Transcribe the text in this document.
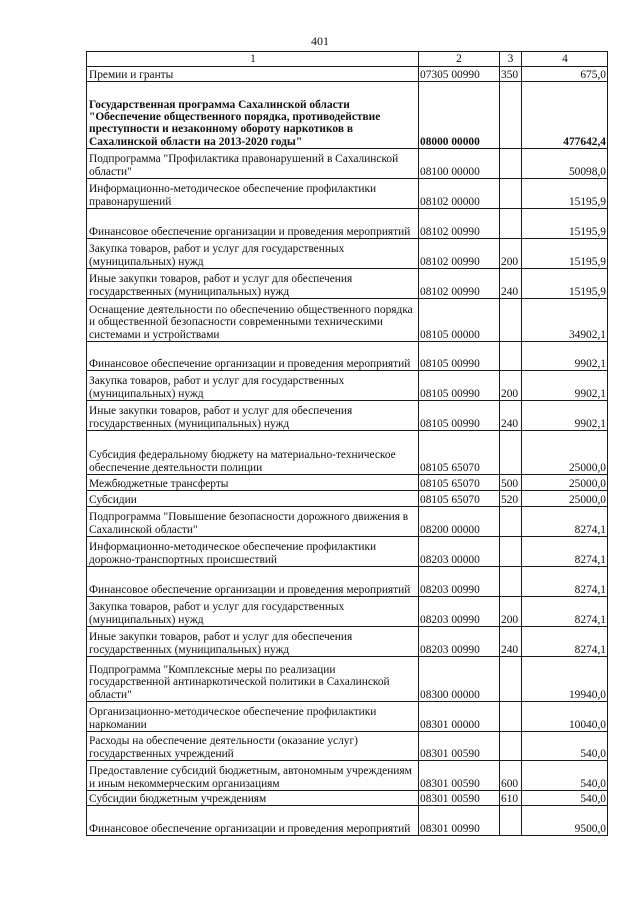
401
1	2	3	4
Премии и гранты	07305 00990	350	675,0
Государственная программа Сахалинской области "Обеспечение общественного порядка, противодействие преступности и незаконному обороту наркотиков в Сахалинской области на 2013-2020 годы"	08000 00000		477642,4
Подпрограмма "Профилактика правонарушений в Сахалинской области"	08100 00000		50098,0
Информационно-методическое обеспечение профилактики правонарушений	08102 00000		15195,9
Финансовое обеспечение организации и проведения мероприятий	08102 00990		15195,9
Закупка товаров, работ и услуг для государственных (муниципальных) нужд	08102 00990	200	15195,9
Иные закупки товаров, работ и услуг для обеспечения государственных (муниципальных) нужд	08102 00990	240	15195,9
Оснащение деятельности по обеспечению общественного порядка и общественной безопасности современными техническими системами и устройствами	08105 00000		34902,1
Финансовое обеспечение организации и проведения мероприятий	08105 00990		9902,1
Закупка товаров, работ и услуг для государственных (муниципальных) нужд	08105 00990	200	9902,1
Иные закупки товаров, работ и услуг для обеспечения государственных (муниципальных) нужд	08105 00990	240	9902,1
Субсидия федеральному бюджету на материально-техническое обеспечение деятельности полиции	08105 65070		25000,0
Межбюджетные трансферты	08105 65070	500	25000,0
Субсидии	08105 65070	520	25000,0
Подпрограмма "Повышение безопасности дорожного движения в Сахалинской области"	08200 00000		8274,1
Информационно-методическое обеспечение профилактики дорожно-транспортных происшествий	08203 00000		8274,1
Финансовое обеспечение организации и проведения мероприятий	08203 00990		8274,1
Закупка товаров, работ и услуг для государственных (муниципальных) нужд	08203 00990	200	8274,1
Иные закупки товаров, работ и услуг для обеспечения государственных (муниципальных) нужд	08203 00990	240	8274,1
Подпрограмма "Комплексные меры по реализации государственной антинаркотической политики в Сахалинской области"	08300 00000		19940,0
Организационно-методическое обеспечение профилактики наркомании	08301 00000		10040,0
Расходы на обеспечение деятельности (оказание услуг) государственных учреждений	08301 00590		540,0
Предоставление субсидий бюджетным, автономным учреждениям и иным некоммерческим организациям	08301 00590	600	540,0
Субсидии бюджетным учреждениям	08301 00590	610	540,0
Финансовое обеспечение организации и проведения мероприятий	08301 00990		9500,0
